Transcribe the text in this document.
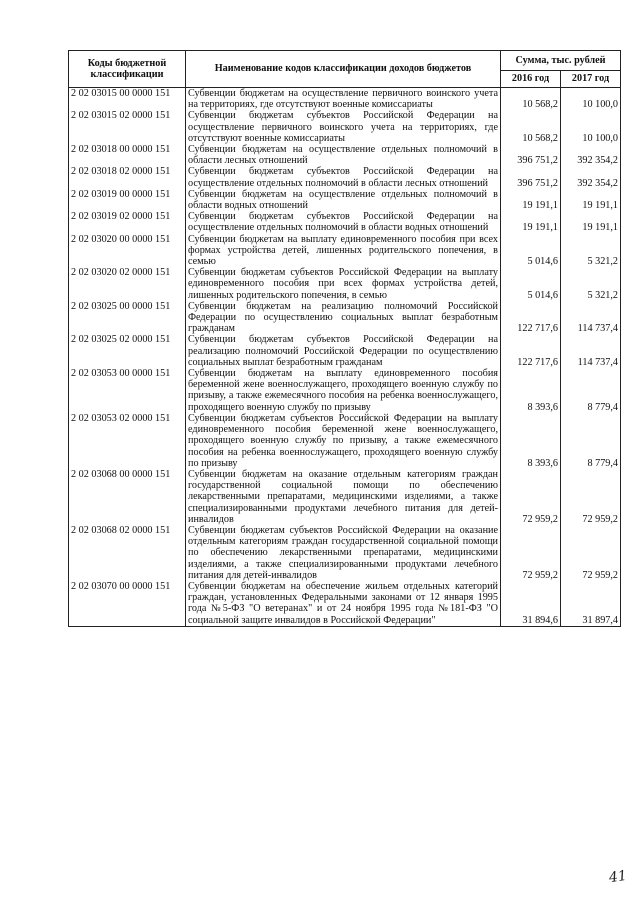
Коды бюджетной классификации	Наименование кодов классификации доходов бюджетов	Сумма, тыс. рублей	
		2016 год	2017 год
2 02 03015 00 0000 151	Субвенции бюджетам на осуществление первичного воинского учета на территориях, где отсутствуют военные комиссариаты	10 568,2	10 100,0
2 02 03015 02 0000 151	Субвенции бюджетам субъектов Российской Федерации на осуществление первичного воинского учета на территориях, где отсутствуют военные комиссариаты	10 568,2	10 100,0
2 02 03018 00 0000 151	Субвенции бюджетам на осуществление отдельных полномочий в области лесных отношений	396 751,2	392 354,2
2 02 03018 02 0000 151	Субвенции бюджетам субъектов Российской Федерации на осуществление отдельных полномочий в области лесных отношений	396 751,2	392 354,2
2 02 03019 00 0000 151	Субвенции бюджетам на осуществление отдельных полномочий в области водных отношений	19 191,1	19 191,1
2 02 03019 02 0000 151	Субвенции бюджетам субъектов Российской Федерации на осуществление отдельных полномочий в области водных отношений	19 191,1	19 191,1
2 02 03020 00 0000 151	Субвенции бюджетам на выплату единовременного пособия при всех формах устройства детей, лишенных родительского попечения, в семью	5 014,6	5 321,2
2 02 03020 02 0000 151	Субвенции бюджетам субъектов Российской Федерации на выплату единовременного пособия при всех формах устройства детей, лишенных родительского попечения, в семью	5 014,6	5 321,2
2 02 03025 00 0000 151	Субвенции бюджетам на реализацию полномочий Российской Федерации по осуществлению социальных выплат безработным гражданам	122 717,6	114 737,4
2 02 03025 02 0000 151	Субвенции бюджетам субъектов Российской Федерации на реализацию полномочий Российской Федерации по осуществлению социальных выплат безработным гражданам	122 717,6	114 737,4
2 02 03053 00 0000 151	Субвенции бюджетам на выплату единовременного пособия беременной жене военнослужащего, проходящего военную службу по призыву, а также ежемесячного пособия на ребенка военнослужащего, проходящего военную службу по призыву	8 393,6	8 779,4
2 02 03053 02 0000 151	Субвенции бюджетам субъектов Российской Федерации на выплату единовременного пособия беременной жене военнослужащего, проходящего военную службу по призыву, а также ежемесячного пособия на ребенка военнослужащего, проходящего военную службу по призыву	8 393,6	8 779,4
2 02 03068 00 0000 151	Субвенции бюджетам на оказание отдельным категориям граждан государственной социальной помощи по обеспечению лекарственными препаратами, медицинскими изделиями, а также специализированными продуктами лечебного питания для детей-инвалидов	72 959,2	72 959,2
2 02 03068 02 0000 151	Субвенции бюджетам субъектов Российской Федерации на оказание отдельным категориям граждан государственной социальной помощи по обеспечению лекарственными препаратами, медицинскими изделиями, а также специализированными продуктами лечебного питания для детей-инвалидов	72 959,2	72 959,2
2 02 03070 00 0000 151	Субвенции бюджетам на обеспечение жильем отдельных категорий граждан, установленных Федеральными законами от 12 января 1995 года №5-ФЗ "О ветеранах" и от 24 ноября 1995 года №181-ФЗ "О социальной защите инвалидов в Российской Федерации"	31 894,6	31 897,4
41
